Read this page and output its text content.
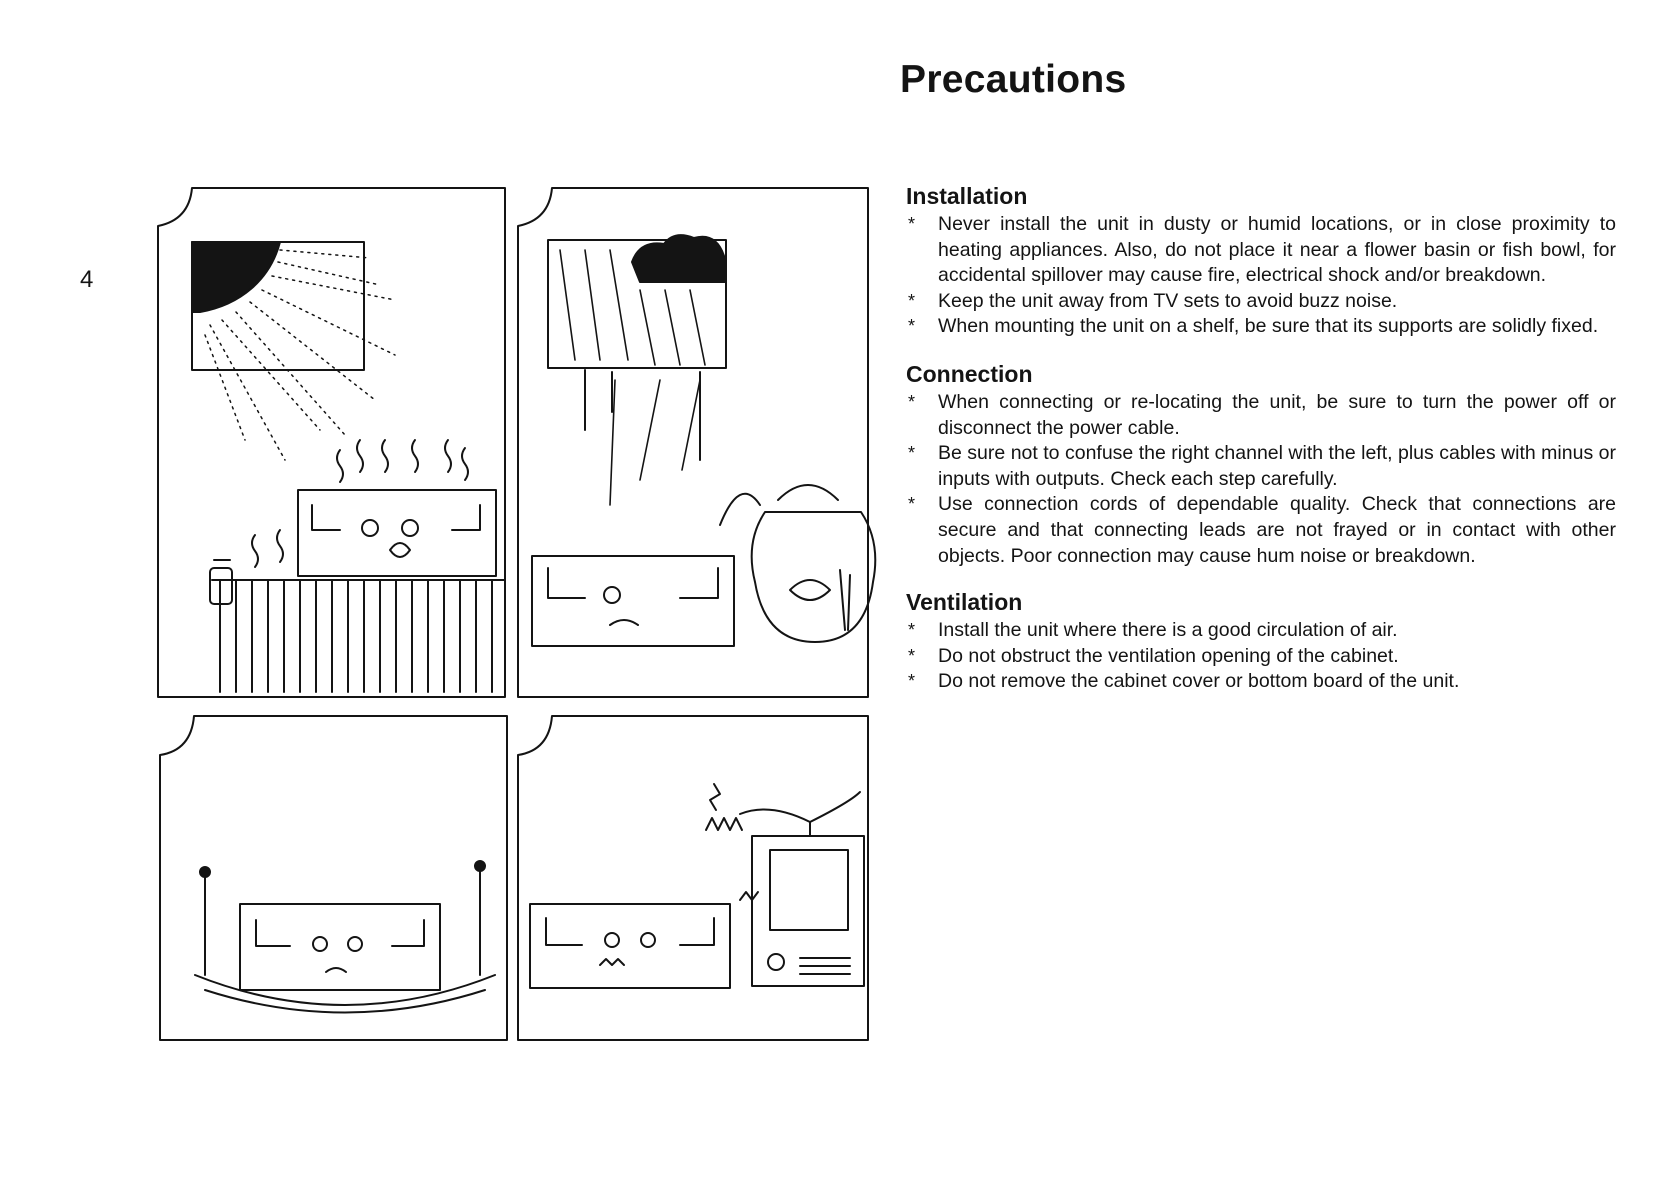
4
Precautions
Installation
* Never install the unit in dusty or humid locations, or in close proximity to heating appliances. Also, do not place it near a flower basin or fish bowl, for accidental spillover may cause fire, electrical shock and/or breakdown.
* Keep the unit away from TV sets to avoid buzz noise.
* When mounting the unit on a shelf, be sure that its supports are solidly fixed.
Connection
* When connecting or re-locating the unit, be sure to turn the power off or disconnect the power cable.
* Be sure not to confuse the right channel with the left, plus cables with minus or inputs with outputs. Check each step carefully.
* Use connection cords of dependable quality. Check that connections are secure and that connecting leads are not frayed or in contact with other objects. Poor connection may cause hum noise or breakdown.
Ventilation
* Install the unit where there is a good circulation of air.
* Do not obstruct the ventilation opening of the cabinet.
* Do not remove the cabinet cover or bottom board of the unit.
